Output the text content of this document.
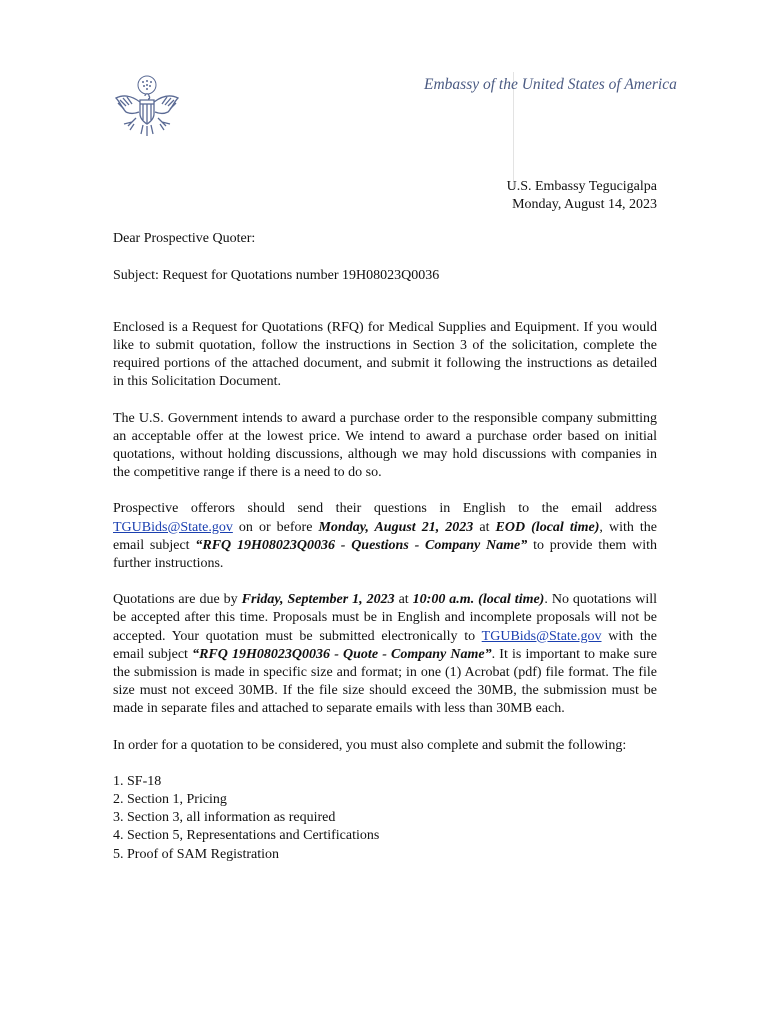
Embassy of the United States of America
U.S. Embassy Tegucigalpa
Monday, August 14, 2023

Dear Prospective Quoter:

Subject: Request for Quotations number 19H08023Q0036

Enclosed is a Request for Quotations (RFQ) for Medical Supplies and Equipment. If you would like to submit quotation, follow the instructions in Section 3 of the solicitation, complete the required portions of the attached document, and submit it following the instructions as detailed in this Solicitation Document.

The U.S. Government intends to award a purchase order to the responsible company submitting an acceptable offer at the lowest price. We intend to award a purchase order based on initial quotations, without holding discussions, although we may hold discussions with companies in the competitive range if there is a need to do so.

Prospective offerors should send their questions in English to the email address TGUBids@State.gov on or before Monday, August 21, 2023 at EOD (local time), with the email subject “RFQ 19H08023Q0036 - Questions - Company Name” to provide them with further instructions.

Quotations are due by Friday, September 1, 2023 at 10:00 a.m. (local time). No quotations will be accepted after this time. Proposals must be in English and incomplete proposals will not be accepted. Your quotation must be submitted electronically to TGUBids@State.gov with the email subject “RFQ 19H08023Q0036 - Quote - Company Name”. It is important to make sure the submission is made in specific size and format; in one (1) Acrobat (pdf) file format. The file size must not exceed 30MB. If the file size should exceed the 30MB, the submission must be made in separate files and attached to separate emails with less than 30MB each.

In order for a quotation to be considered, you must also complete and submit the following:

1. SF-18
2. Section 1, Pricing
3. Section 3, all information as required
4. Section 5, Representations and Certifications
5. Proof of SAM Registration
